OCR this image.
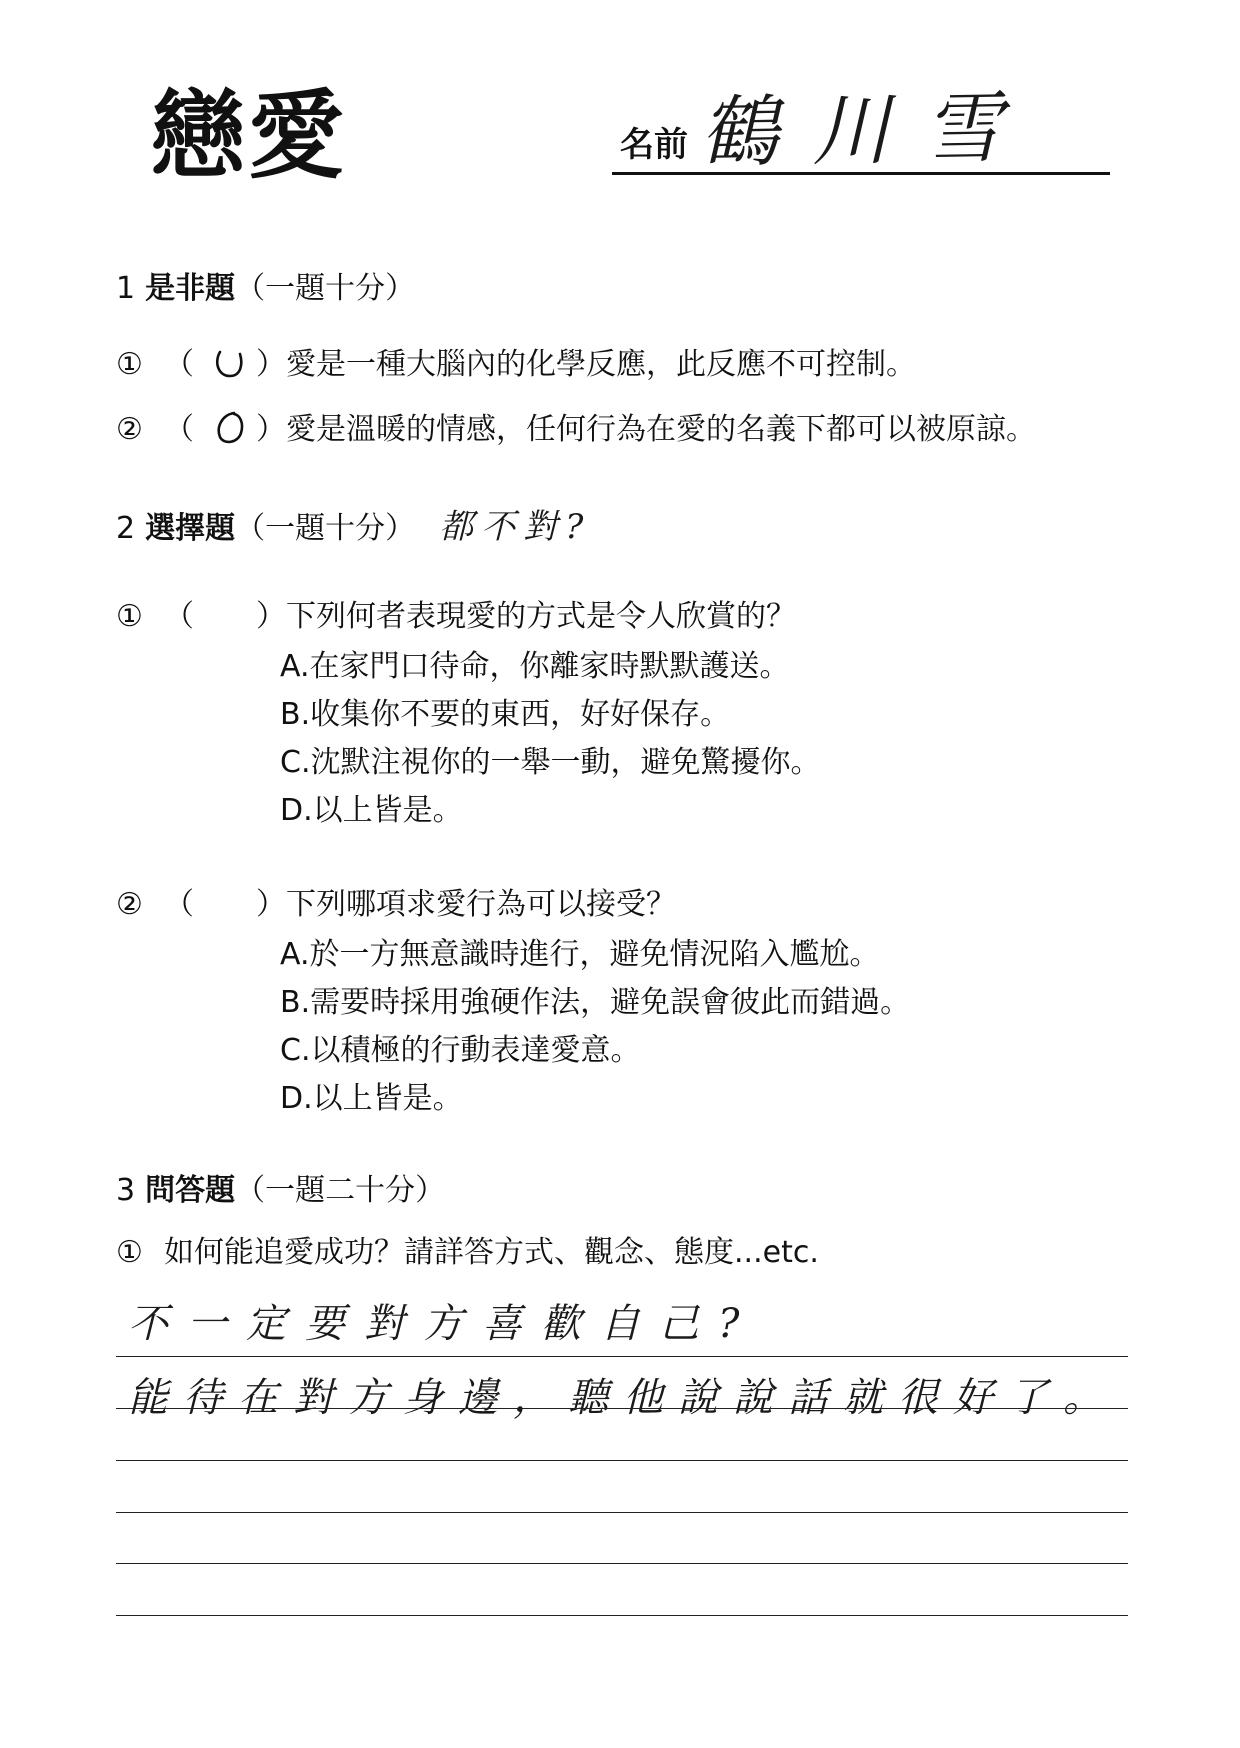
戀愛	名前 鶴川雪
1 是非題（一題十分）
① （ ） 愛是一種大腦內的化學反應，此反應不可控制。
② （ ） 愛是溫暖的情感，任何行為在愛的名義下都可以被原諒。
2 選擇題（一題十分） 都不對?
① （ ） 下列何者表現愛的方式是令人欣賞的？
A.在家門口待命，你離家時默默護送。
B.收集你不要的東西，好好保存。
C.沈默注視你的一舉一動，避免驚擾你。
D.以上皆是。
② （ ） 下列哪項求愛行為可以接受？
A.於一方無意識時進行，避免情況陷入尷尬。
B.需要時採用強硬作法，避免誤會彼此而錯過。
C.以積極的行動表達愛意。
D.以上皆是。
3 問答題（一題二十分）
① 如何能追愛成功？請詳答方式、觀念、態度...etc.
不一定要對方喜歡自己?
能待在對方身邊，聽他說說話就很好了。
